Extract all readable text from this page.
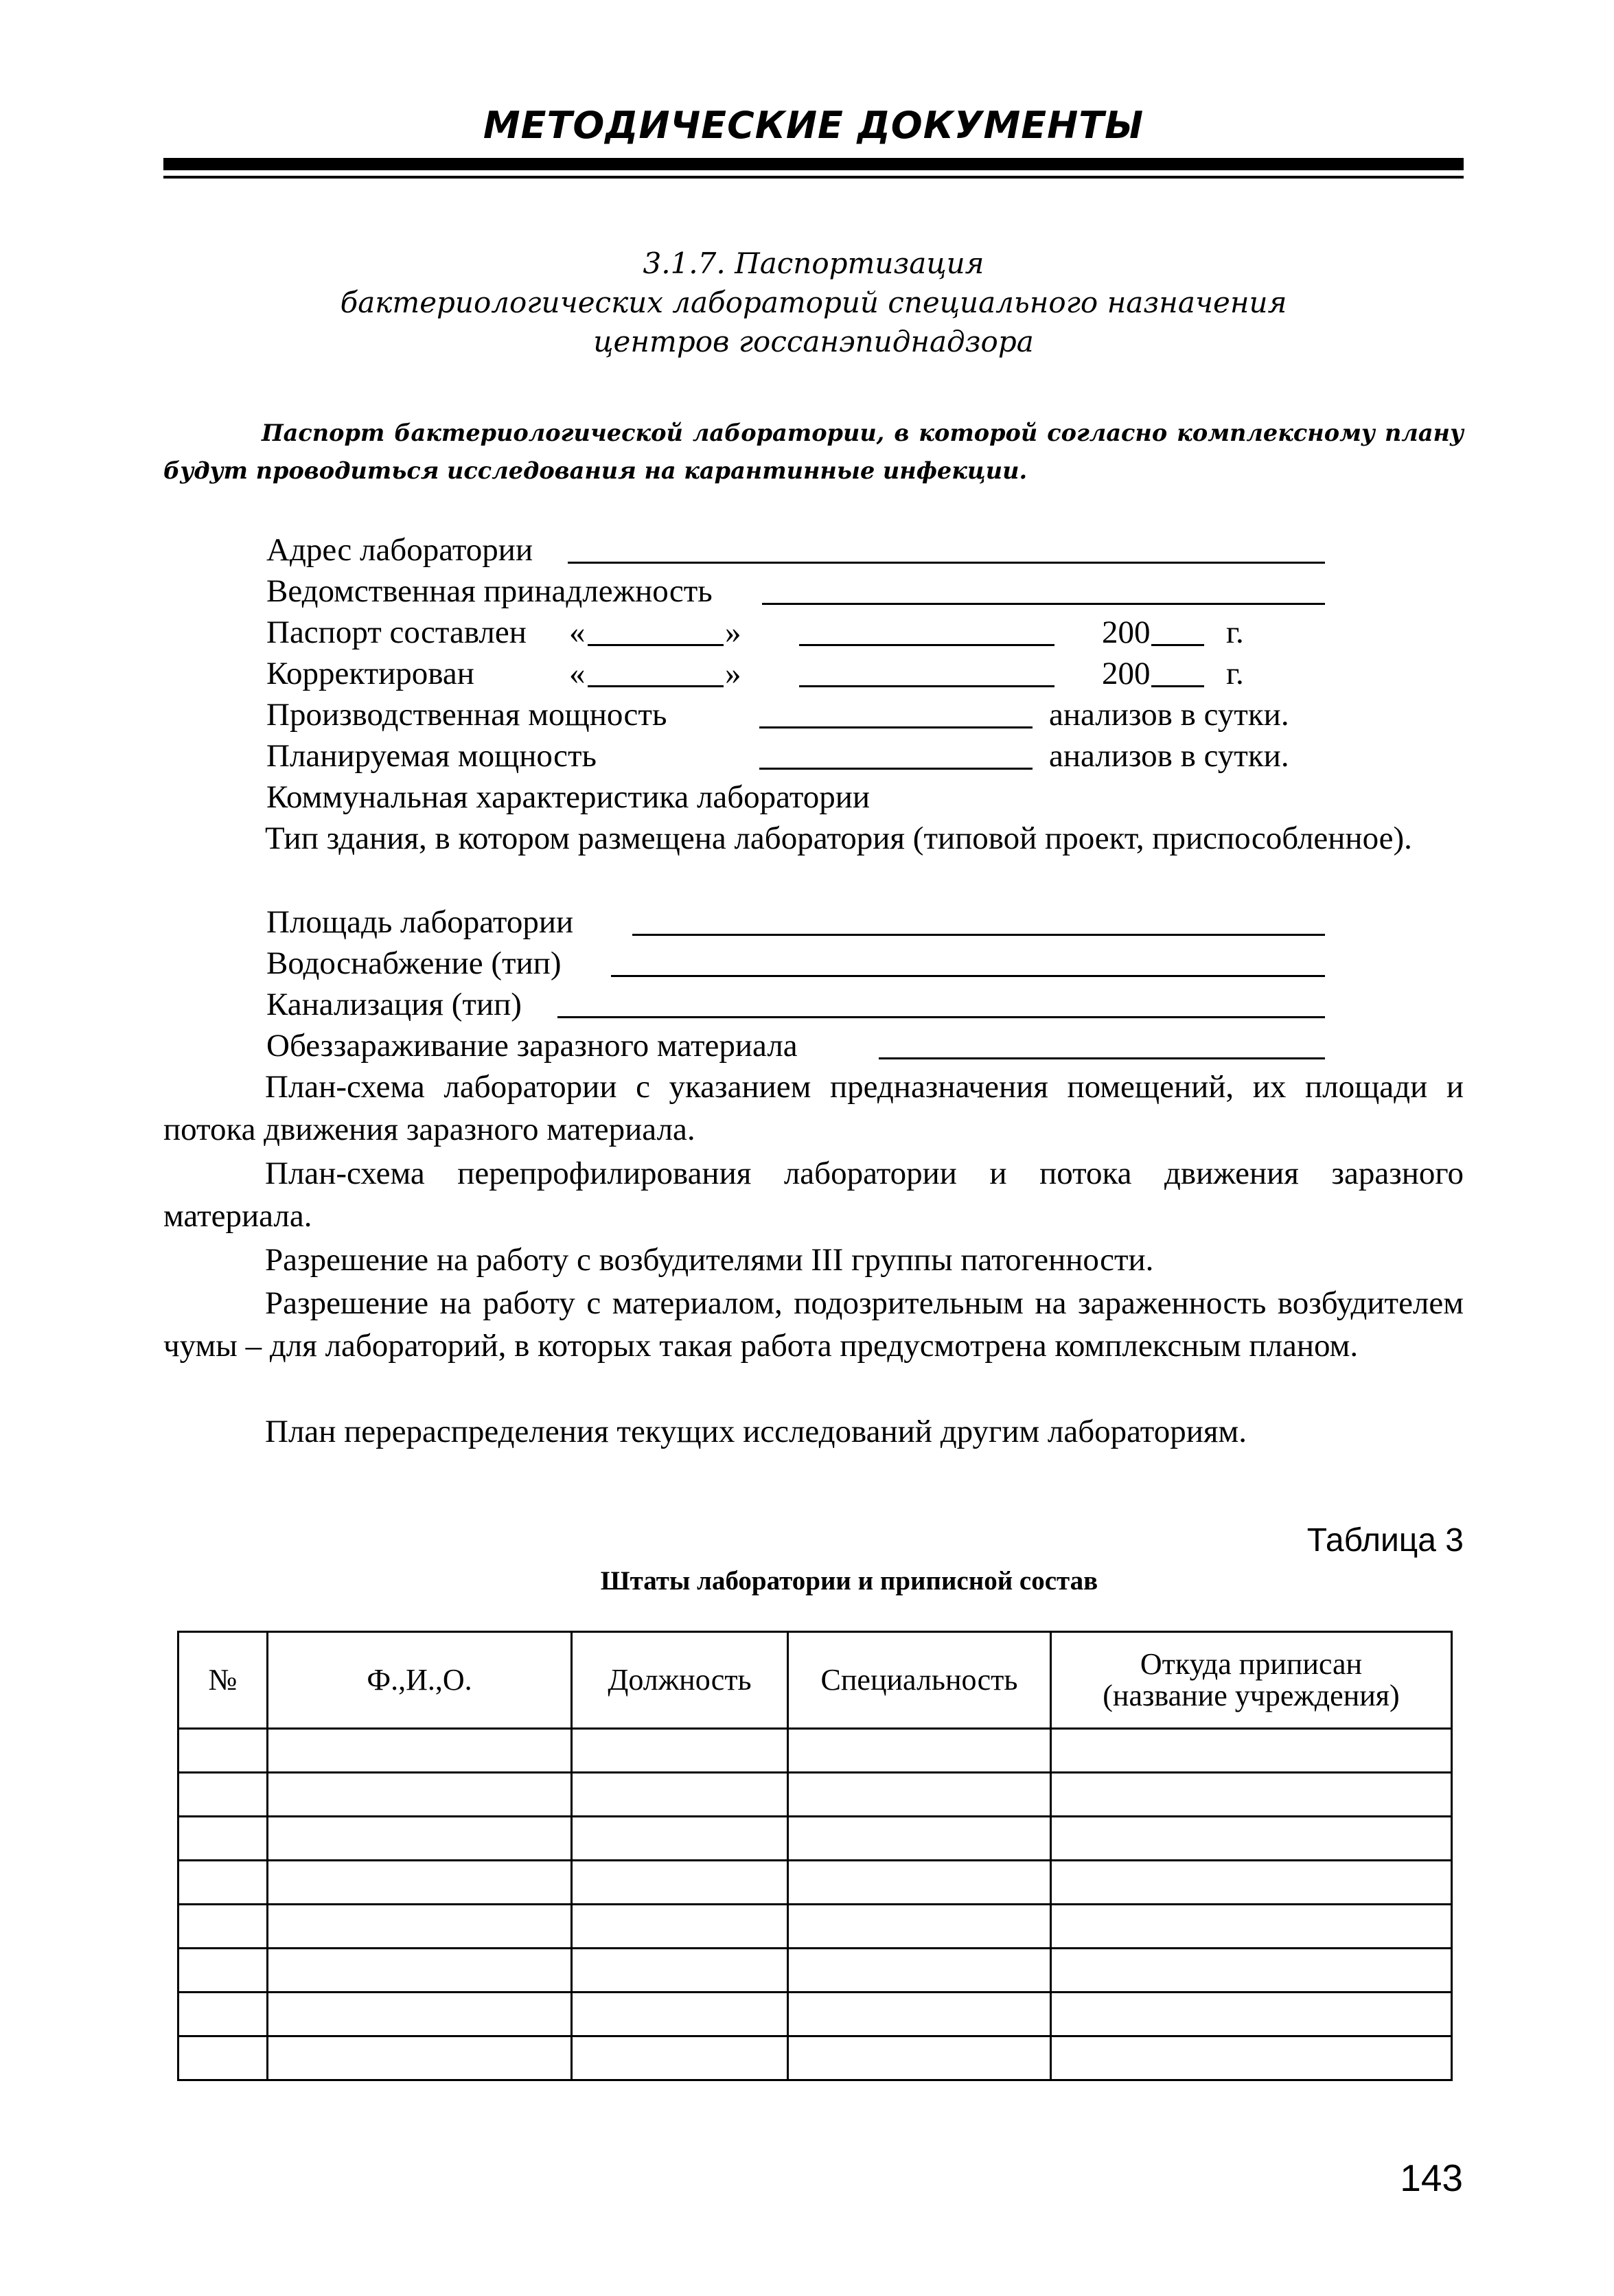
МЕТОДИЧЕСКИЕ ДОКУМЕНТЫ
3.1.7. Паспортизация
бактериологических лабораторий специального назначения
центров госсанэпиднадзора
Паспорт бактериологической лаборатории, в которой согласно комплексному плану будут проводиться исследования на карантинные инфекции.
Адрес лаборатории
Ведомственная принадлежность
Паспорт составлен «	»	200 г.
Корректирован	«	»	200 г.
Производственная мощность	анализов в сутки.
Планируемая мощность	анализов в сутки.
Коммунальная характеристика лаборатории
Тип здания, в котором размещена лаборатория (типовой проект, приспособленное).
Площадь лаборатории
Водоснабжение (тип)
Канализация (тип)
Обеззараживание заразного материала
План-схема лаборатории с указанием предназначения помещений, их площади и потока движения заразного материала.
План-схема перепрофилирования лаборатории и потока движения заразного материала.
Разрешение на работу с возбудителями III группы патогенности.
Разрешение на работу с материалом, подозрительным на зараженность возбудителем чумы – для лабораторий, в которых такая работа предусмотрена комплексным планом.
План перераспределения текущих исследований другим лабораториям.
Таблица 3
Штаты лаборатории и приписной состав
№	Ф.,И.,О.	Должность	Специальность	Откуда приписан (название учреждения)

143
